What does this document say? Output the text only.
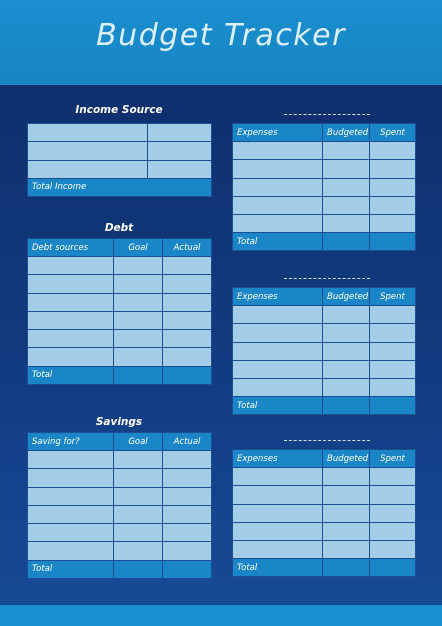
Budget Tracker
Income Source

Total Income	
Debt
Debt sources	Goal	Actual

Total		
Savings
Saving for?	Goal	Actual

Total		
Expenses	Budgeted	Spent

Total		
Expenses	Budgeted	Spent

Total		
Expenses	Budgeted	Spent

Total		
